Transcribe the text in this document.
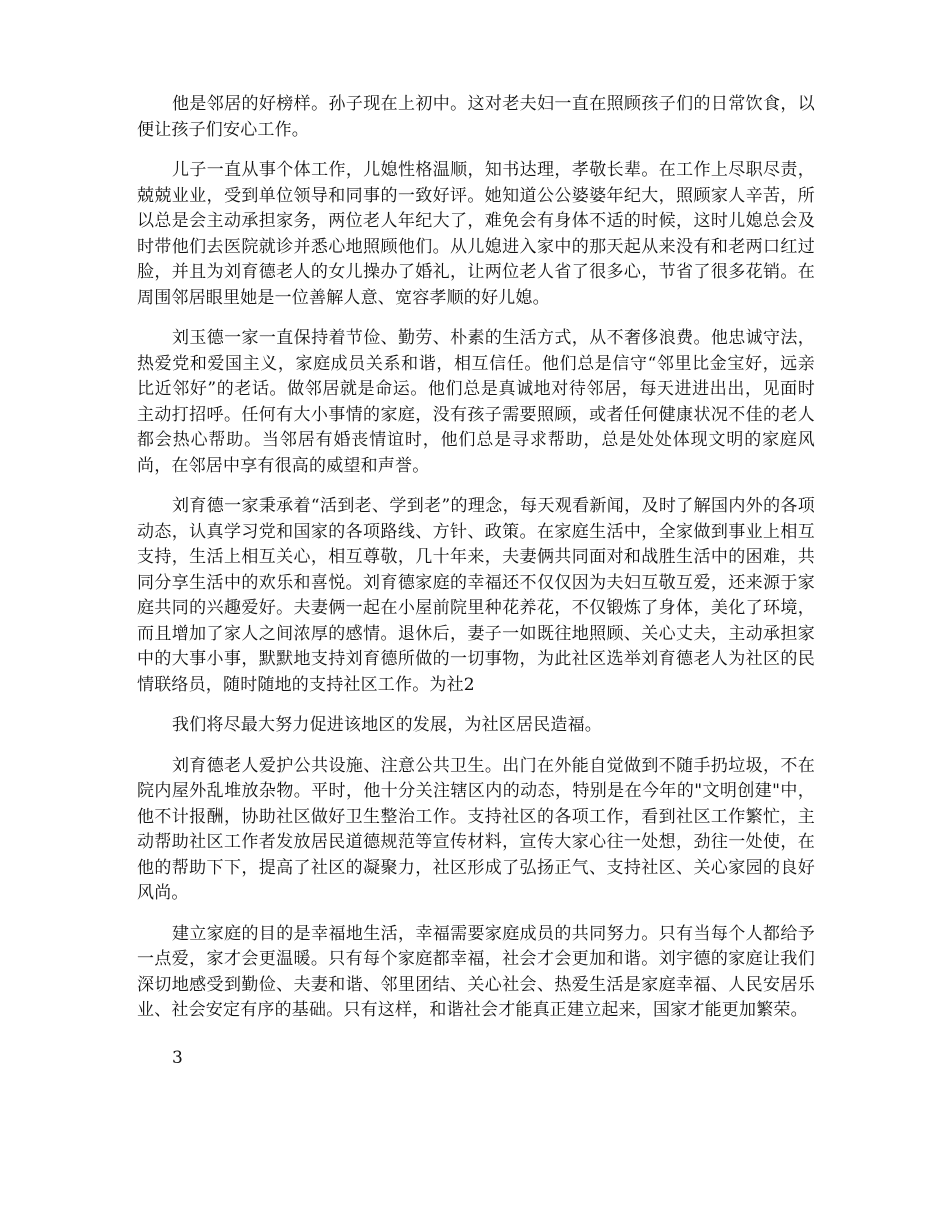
他是邻居的好榜样。孙子现在上初中。这对老夫妇一直在照顾孩子们的日常饮食，以便让孩子们安心工作。

儿子一直从事个体工作，儿媳性格温顺，知书达理，孝敬长辈。在工作上尽职尽责，兢兢业业，受到单位领导和同事的一致好评。她知道公公婆婆年纪大，照顾家人辛苦，所以总是会主动承担家务，两位老人年纪大了，难免会有身体不适的时候，这时儿媳总会及时带他们去医院就诊并悉心地照顾他们。从儿媳进入家中的那天起从来没有和老两口红过脸，并且为刘育德老人的女儿操办了婚礼，让两位老人省了很多心，节省了很多花销。在周围邻居眼里她是一位善解人意、宽容孝顺的好儿媳。

刘玉德一家一直保持着节俭、勤劳、朴素的生活方式，从不奢侈浪费。他忠诚守法，热爱党和爱国主义，家庭成员关系和谐，相互信任。他们总是信守“邻里比金宝好，远亲比近邻好”的老话。做邻居就是命运。他们总是真诚地对待邻居，每天进进出出，见面时主动打招呼。任何有大小事情的家庭，没有孩子需要照顾，或者任何健康状况不佳的老人都会热心帮助。当邻居有婚丧情谊时，他们总是寻求帮助，总是处处体现文明的家庭风尚，在邻居中享有很高的威望和声誉。

刘育德一家秉承着“活到老、学到老”的理念，每天观看新闻，及时了解国内外的各项动态，认真学习党和国家的各项路线、方针、政策。在家庭生活中，全家做到事业上相互支持，生活上相互关心，相互尊敬，几十年来，夫妻俩共同面对和战胜生活中的困难，共同分享生活中的欢乐和喜悦。刘育德家庭的幸福还不仅仅因为夫妇互敬互爱，还来源于家庭共同的兴趣爱好。夫妻俩一起在小屋前院里种花养花，不仅锻炼了身体，美化了环境，而且增加了家人之间浓厚的感情。退休后，妻子一如既往地照顾、关心丈夫，主动承担家中的大事小事，默默地支持刘育德所做的一切事物，为此社区选举刘育德老人为社区的民情联络员，随时随地的支持社区工作。为社2

我们将尽最大努力促进该地区的发展，为社区居民造福。

刘育德老人爱护公共设施、注意公共卫生。出门在外能自觉做到不随手扔垃圾，不在院内屋外乱堆放杂物。平时，他十分关注辖区内的动态，特别是在今年的"文明创建"中，他不计报酬，协助社区做好卫生整治工作。支持社区的各项工作，看到社区工作繁忙，主动帮助社区工作者发放居民道德规范等宣传材料，宣传大家心往一处想，劲往一处使，在他的帮助下下，提高了社区的凝聚力，社区形成了弘扬正气、支持社区、关心家园的良好风尚。

建立家庭的目的是幸福地生活，幸福需要家庭成员的共同努力。只有当每个人都给予一点爱，家才会更温暖。只有每个家庭都幸福，社会才会更加和谐。刘宇德的家庭让我们深切地感受到勤俭、夫妻和谐、邻里团结、关心社会、热爱生活是家庭幸福、人民安居乐业、社会安定有序的基础。只有这样，和谐社会才能真正建立起来，国家才能更加繁荣。

3
